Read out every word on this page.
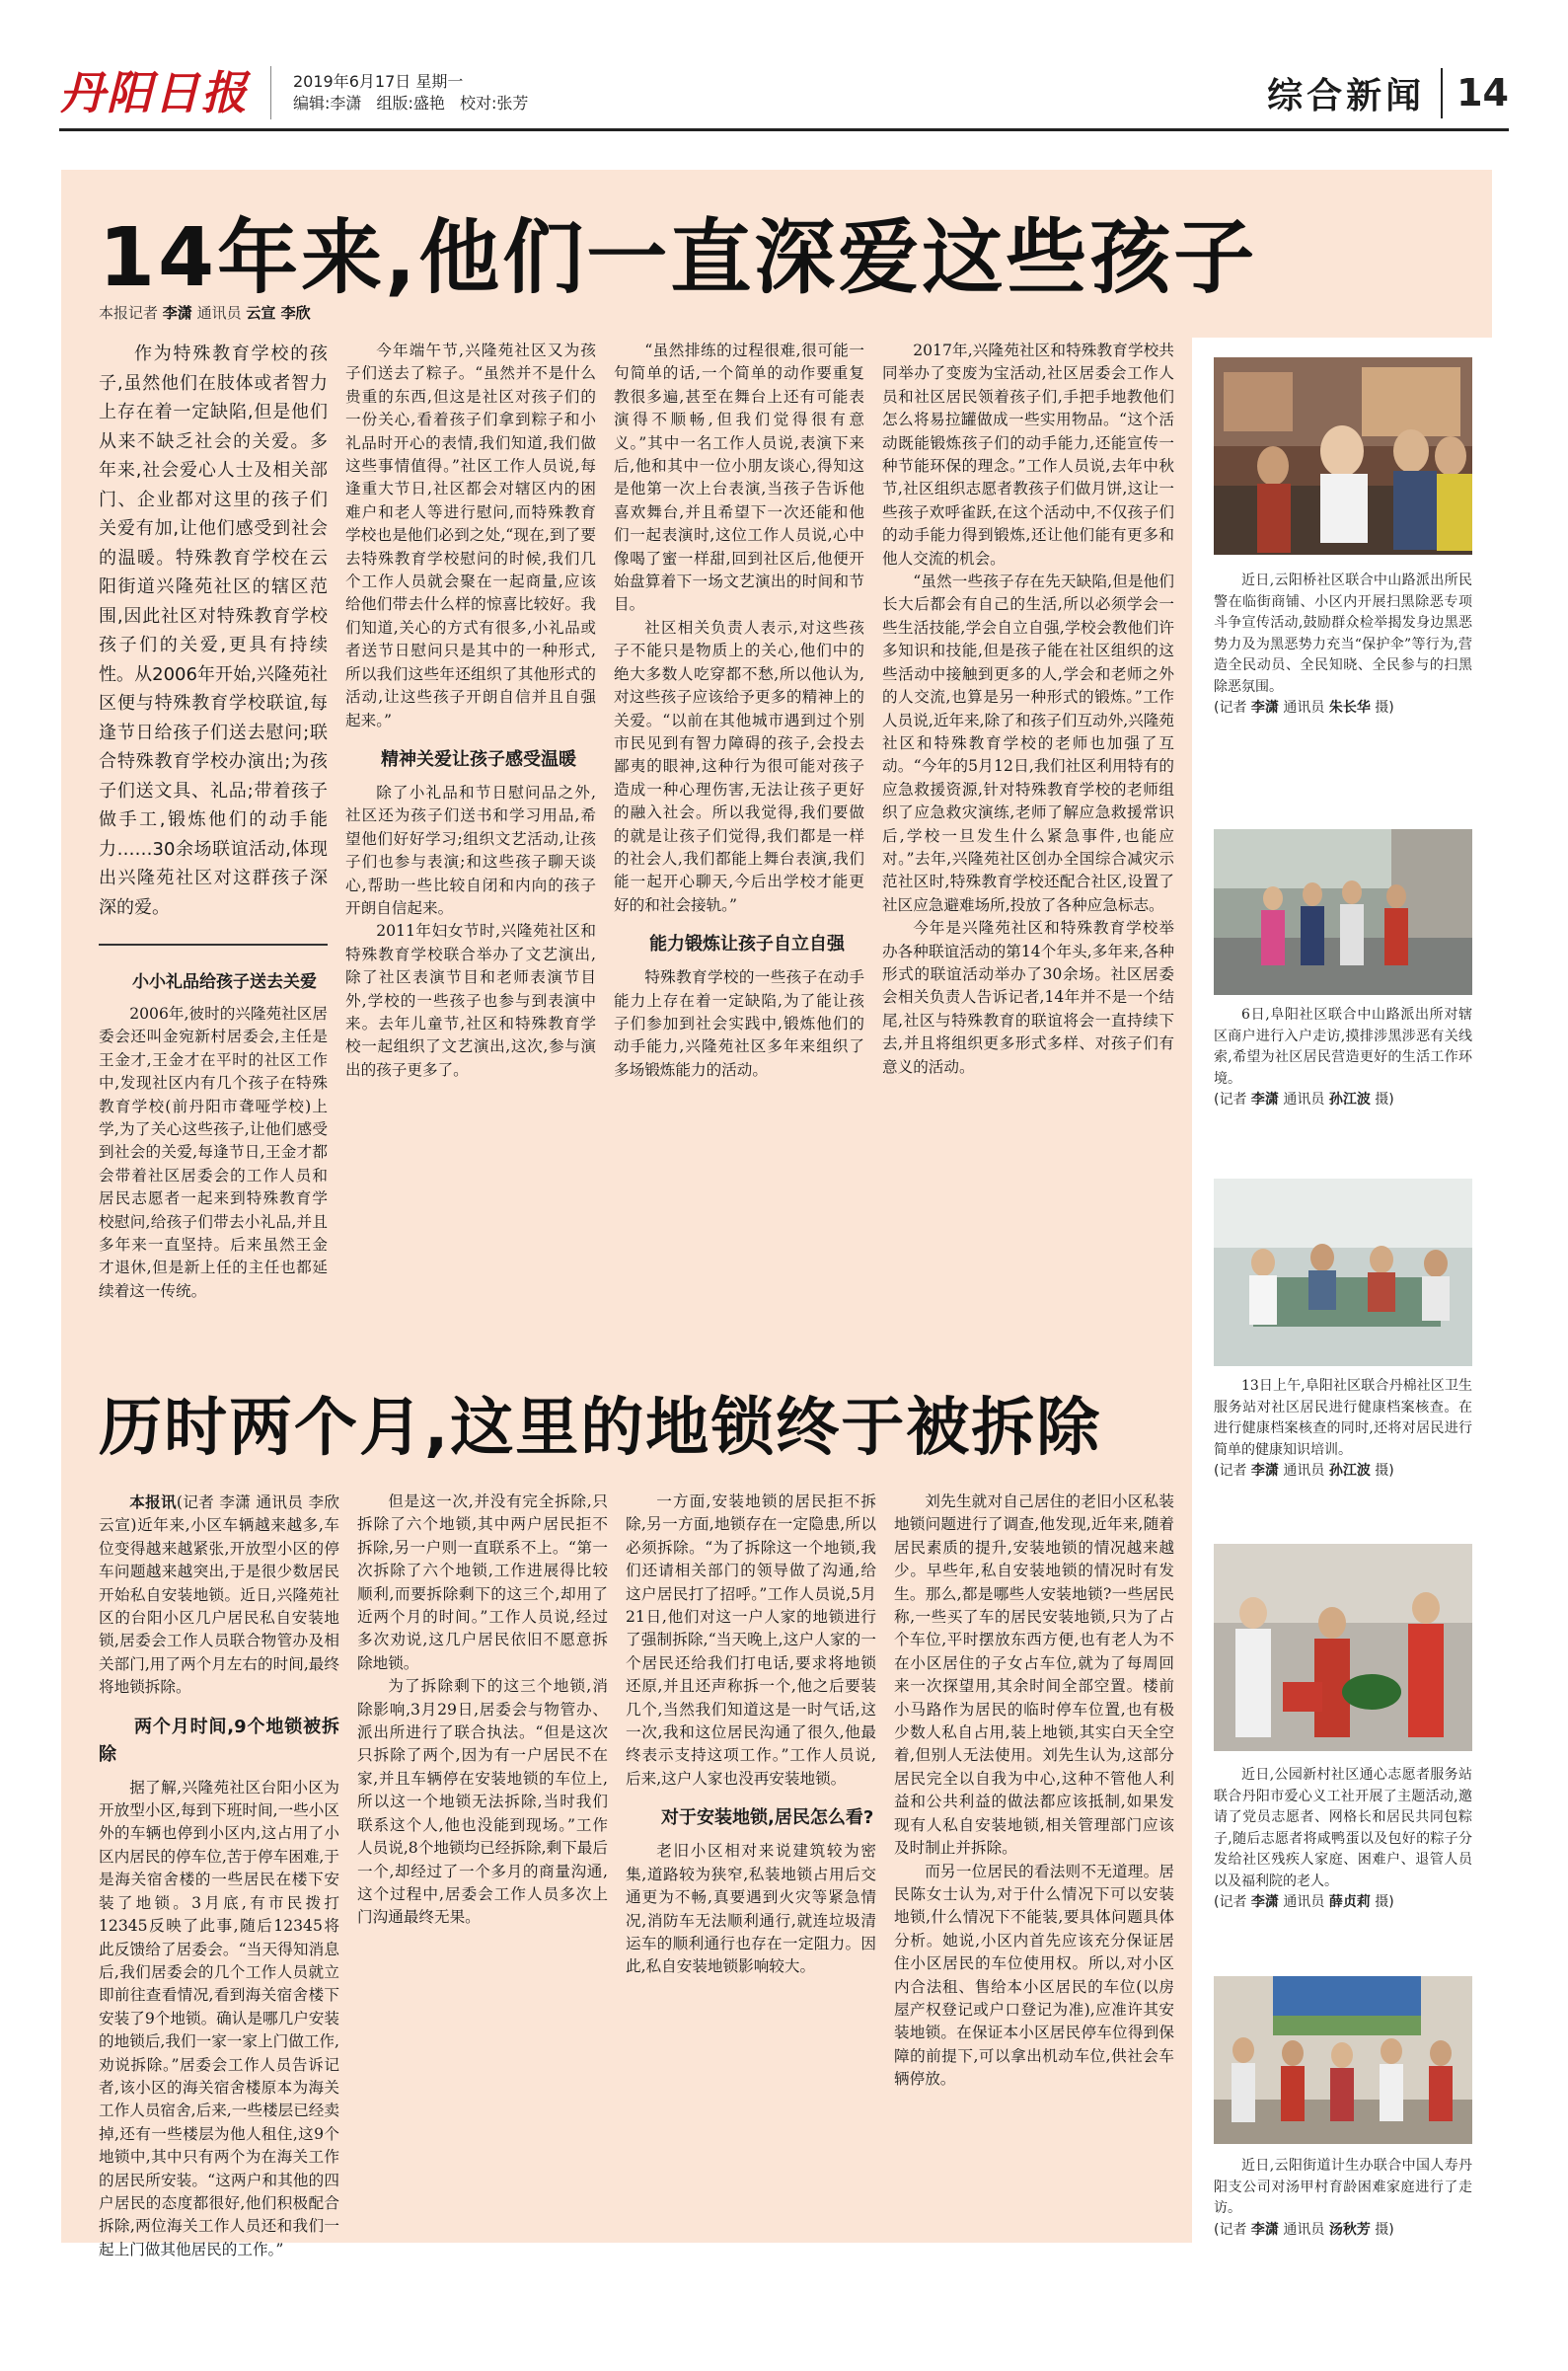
丹阳日报	2019年6月17日 星期一
编辑:李潇 组版:盛艳 校对:张芳	综合新闻 14
近日,云阳桥社区联合中山路派出所民警在临街商铺、小区内开展扫黑除恶专项斗争宣传活动,鼓励群众检举揭发身边黑恶势力及为黑恶势力充当“保护伞”等行为,营造全民动员、全民知晓、全民参与的扫黑除恶氛围。
(记者 李潇 通讯员 朱长华 摄)
6日,阜阳社区联合中山路派出所对辖区商户进行入户走访,摸排涉黑涉恶有关线索,希望为社区居民营造更好的生活工作环境。
(记者 李潇 通讯员 孙江波 摄)
13日上午,阜阳社区联合丹棉社区卫生服务站对社区居民进行健康档案核查。在进行健康档案核查的同时,还将对居民进行简单的健康知识培训。
(记者 李潇 通讯员 孙江波 摄)
近日,公园新村社区通心志愿者服务站联合丹阳市爱心义工社开展了主题活动,邀请了党员志愿者、网格长和居民共同包粽子,随后志愿者将咸鸭蛋以及包好的粽子分发给社区残疾人家庭、困难户、退管人员以及福利院的老人。
(记者 李潇 通讯员 薛贞莉 摄)
近日,云阳街道计生办联合中国人寿丹阳支公司对汤甲村育龄困难家庭进行了走访。
(记者 李潇 通讯员 汤秋芳 摄)
14年来,他们一直深爱这些孩子
本报记者 李潇 通讯员 云宣 李欣

作为特殊教育学校的孩子,虽然他们在肢体或者智力上存在着一定缺陷,但是他们从来不缺乏社会的关爱。多年来,社会爱心人士及相关部门、企业都对这里的孩子们关爱有加,让他们感受到社会的温暖。特殊教育学校在云阳街道兴隆苑社区的辖区范围,因此社区对特殊教育学校孩子们的关爱,更具有持续性。从2006年开始,兴隆苑社区便与特殊教育学校联谊,每逢节日给孩子们送去慰问;联合特殊教育学校办演出;为孩子们送文具、礼品;带着孩子做手工,锻炼他们的动手能力……30余场联谊活动,体现出兴隆苑社区对这群孩子深深的爱。

小小礼品给孩子送去关爱

2006年,彼时的兴隆苑社区居委会还叫金宛新村居委会,主任是王金才,王金才在平时的社区工作中,发现社区内有几个孩子在特殊教育学校(前丹阳市聋哑学校)上学,为了关心这些孩子,让他们感受到社会的关爱,每逢节日,王金才都会带着社区居委会的工作人员和居民志愿者一起来到特殊教育学校慰问,给孩子们带去小礼品,并且多年来一直坚持。后来虽然王金才退休,但是新上任的主任也都延续着这一传统。

今年端午节,兴隆苑社区又为孩子们送去了粽子。“虽然并不是什么贵重的东西,但这是社区对孩子们的一份关心,看着孩子们拿到粽子和小礼品时开心的表情,我们知道,我们做这些事情值得。”社区工作人员说,每逢重大节日,社区都会对辖区内的困难户和老人等进行慰问,而特殊教育学校也是他们必到之处,“现在,到了要去特殊教育学校慰问的时候,我们几个工作人员就会聚在一起商量,应该给他们带去什么样的惊喜比较好。我们知道,关心的方式有很多,小礼品或者送节日慰问只是其中的一种形式,所以我们这些年还组织了其他形式的活动,让这些孩子开朗自信并且自强起来。”

精神关爱让孩子感受温暖

除了小礼品和节日慰问品之外,社区还为孩子们送书和学习用品,希望他们好好学习;组织文艺活动,让孩子们也参与表演;和这些孩子聊天谈心,帮助一些比较自闭和内向的孩子开朗自信起来。

2011年妇女节时,兴隆苑社区和特殊教育学校联合举办了文艺演出,除了社区表演节目和老师表演节目外,学校的一些孩子也参与到表演中来。去年儿童节,社区和特殊教育学校一起组织了文艺演出,这次,参与演出的孩子更多了。

“虽然排练的过程很难,很可能一句简单的话,一个简单的动作要重复教很多遍,甚至在舞台上还有可能表演得不顺畅,但我们觉得很有意义。”其中一名工作人员说,表演下来后,他和其中一位小朋友谈心,得知这是他第一次上台表演,当孩子告诉他喜欢舞台,并且希望下一次还能和他们一起表演时,这位工作人员说,心中像喝了蜜一样甜,回到社区后,他便开始盘算着下一场文艺演出的时间和节目。

社区相关负责人表示,对这些孩子不能只是物质上的关心,他们中的绝大多数人吃穿都不愁,所以他认为,对这些孩子应该给予更多的精神上的关爱。“以前在其他城市遇到过个别市民见到有智力障碍的孩子,会投去鄙夷的眼神,这种行为很可能对孩子造成一种心理伤害,无法让孩子更好的融入社会。所以我觉得,我们要做的就是让孩子们觉得,我们都是一样的社会人,我们都能上舞台表演,我们能一起开心聊天,今后出学校才能更好的和社会接轨。”

能力锻炼让孩子自立自强

特殊教育学校的一些孩子在动手能力上存在着一定缺陷,为了能让孩子们参加到社会实践中,锻炼他们的动手能力,兴隆苑社区多年来组织了多场锻炼能力的活动。

2017年,兴隆苑社区和特殊教育学校共同举办了变废为宝活动,社区居委会工作人员和社区居民领着孩子们,手把手地教他们怎么将易拉罐做成一些实用物品。“这个活动既能锻炼孩子们的动手能力,还能宣传一种节能环保的理念。”工作人员说,去年中秋节,社区组织志愿者教孩子们做月饼,这让一些孩子欢呼雀跃,在这个活动中,不仅孩子们的动手能力得到锻炼,还让他们能有更多和他人交流的机会。

“虽然一些孩子存在先天缺陷,但是他们长大后都会有自己的生活,所以必须学会一些生活技能,学会自立自强,学校会教他们许多知识和技能,但是孩子能在社区组织的这些活动中接触到更多的人,学会和老师之外的人交流,也算是另一种形式的锻炼。”工作人员说,近年来,除了和孩子们互动外,兴隆苑社区和特殊教育学校的老师也加强了互动。“今年的5月12日,我们社区利用特有的应急救援资源,针对特殊教育学校的老师组织了应急救灾演练,老师了解应急救援常识后,学校一旦发生什么紧急事件,也能应对。”去年,兴隆苑社区创办全国综合减灾示范社区时,特殊教育学校还配合社区,设置了社区应急避难场所,投放了各种应急标志。

今年是兴隆苑社区和特殊教育学校举办各种联谊活动的第14个年头,多年来,各种形式的联谊活动举办了30余场。社区居委会相关负责人告诉记者,14年并不是一个结尾,社区与特殊教育的联谊将会一直持续下去,并且将组织更多形式多样、对孩子们有意义的活动。

历时两个月,这里的地锁终于被拆除

本报讯(记者 李潇 通讯员 李欣 云宣)近年来,小区车辆越来越多,车位变得越来越紧张,开放型小区的停车问题越来越突出,于是很少数居民开始私自安装地锁。近日,兴隆苑社区的台阳小区几户居民私自安装地锁,居委会工作人员联合物管办及相关部门,用了两个月左右的时间,最终将地锁拆除。

两个月时间,9个地锁被拆除

据了解,兴隆苑社区台阳小区为开放型小区,每到下班时间,一些小区外的车辆也停到小区内,这占用了小区内居民的停车位,苦于停车困难,于是海关宿舍楼的一些居民在楼下安装了地锁。3月底,有市民拨打12345反映了此事,随后12345将此反馈给了居委会。“当天得知消息后,我们居委会的几个工作人员就立即前往查看情况,看到海关宿舍楼下安装了9个地锁。确认是哪几户安装的地锁后,我们一家一家上门做工作,劝说拆除。”居委会工作人员告诉记者,该小区的海关宿舍楼原本为海关工作人员宿舍,后来,一些楼层已经卖掉,还有一些楼层为他人租住,这9个地锁中,其中只有两个为在海关工作的居民所安装。“这两户和其他的四户居民的态度都很好,他们积极配合拆除,两位海关工作人员还和我们一起上门做其他居民的工作。”

但是这一次,并没有完全拆除,只拆除了六个地锁,其中两户居民拒不拆除,另一户则一直联系不上。“第一次拆除了六个地锁,工作进展得比较顺利,而要拆除剩下的这三个,却用了近两个月的时间。”工作人员说,经过多次劝说,这几户居民依旧不愿意拆除地锁。

为了拆除剩下的这三个地锁,消除影响,3月29日,居委会与物管办、派出所进行了联合执法。“但是这次只拆除了两个,因为有一户居民不在家,并且车辆停在安装地锁的车位上,所以这一个地锁无法拆除,当时我们联系这个人,他也没能到现场。”工作人员说,8个地锁均已经拆除,剩下最后一个,却经过了一个多月的商量沟通,这个过程中,居委会工作人员多次上门沟通最终无果。

一方面,安装地锁的居民拒不拆除,另一方面,地锁存在一定隐患,所以必须拆除。“为了拆除这一个地锁,我们还请相关部门的领导做了沟通,给这户居民打了招呼。”工作人员说,5月21日,他们对这一户人家的地锁进行了强制拆除,“当天晚上,这户人家的一个居民还给我们打电话,要求将地锁还原,并且还声称拆一个,他之后要装几个,当然我们知道这是一时气话,这一次,我和这位居民沟通了很久,他最终表示支持这项工作。”工作人员说,后来,这户人家也没再安装地锁。

对于安装地锁,居民怎么看?

老旧小区相对来说建筑较为密集,道路较为狭窄,私装地锁占用后交通更为不畅,真要遇到火灾等紧急情况,消防车无法顺利通行,就连垃圾清运车的顺利通行也存在一定阻力。因此,私自安装地锁影响较大。

刘先生就对自己居住的老旧小区私装地锁问题进行了调查,他发现,近年来,随着居民素质的提升,安装地锁的情况越来越少。早些年,私自安装地锁的情况时有发生。那么,都是哪些人安装地锁?一些居民称,一些买了车的居民安装地锁,只为了占个车位,平时摆放东西方便,也有老人为不在小区居住的子女占车位,就为了每周回来一次探望用,其余时间全部空置。楼前小马路作为居民的临时停车位置,也有极少数人私自占用,装上地锁,其实白天全空着,但别人无法使用。刘先生认为,这部分居民完全以自我为中心,这种不管他人利益和公共利益的做法都应该抵制,如果发现有人私自安装地锁,相关管理部门应该及时制止并拆除。

而另一位居民的看法则不无道理。居民陈女士认为,对于什么情况下可以安装地锁,什么情况下不能装,要具体问题具体分析。她说,小区内首先应该充分保证居住小区居民的车位使用权。所以,对小区内合法租、售给本小区居民的车位(以房屋产权登记或户口登记为准),应准许其安装地锁。在保证本小区居民停车位得到保障的前提下,可以拿出机动车位,供社会车辆停放。
